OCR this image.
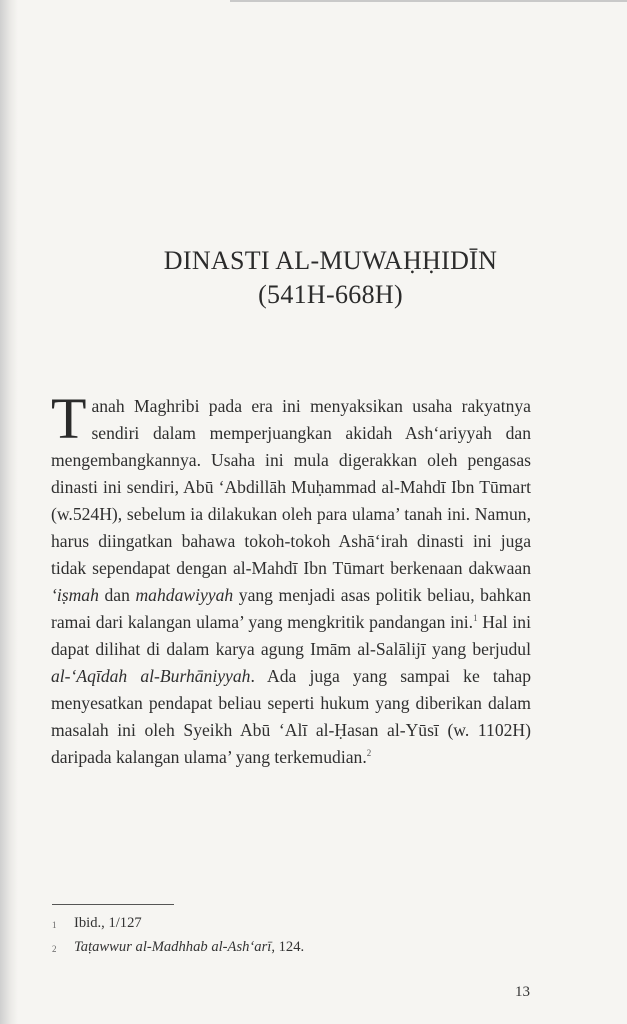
DINASTI AL-MUWAḤḤIDĪN
(541H-668H)
Tanah Maghribi pada era ini menyaksikan usaha rakyatnya sendiri dalam memperjuangkan akidah Ash‘ariyyah dan mengembangkannya. Usaha ini mula digerakkan oleh pengasas dinasti ini sendiri, Abū ‘Abdillāh Muḥammad al-Mahdī Ibn Tūmart (w.524H), sebelum ia dilakukan oleh para ulama’ tanah ini. Namun, harus diingatkan bahawa tokoh-tokoh Ashā‘irah dinasti ini juga tidak sependapat dengan al-Mahdī Ibn Tūmart berkenaan dakwaan ‘iṣmah dan mahdawiyyah yang menjadi asas politik beliau, bahkan ramai dari kalangan ulama’ yang mengkritik pandangan ini.$^1$ Hal ini dapat dilihat di dalam karya agung Imām al-Salālijī yang berjudul al-‘Aqīdah al-Burhāniyyah. Ada juga yang sampai ke tahap menyesatkan pendapat beliau seperti hukum yang diberikan dalam masalah ini oleh Syeikh Abū ‘Alī al-Ḥasan al-Yūsī (w. 1102H) daripada kalangan ulama’ yang terkemudian.$^2$
1	Ibid., 1/127
2	Taṭawwur al-Madhhab al-Ash‘arī, 124.
13
